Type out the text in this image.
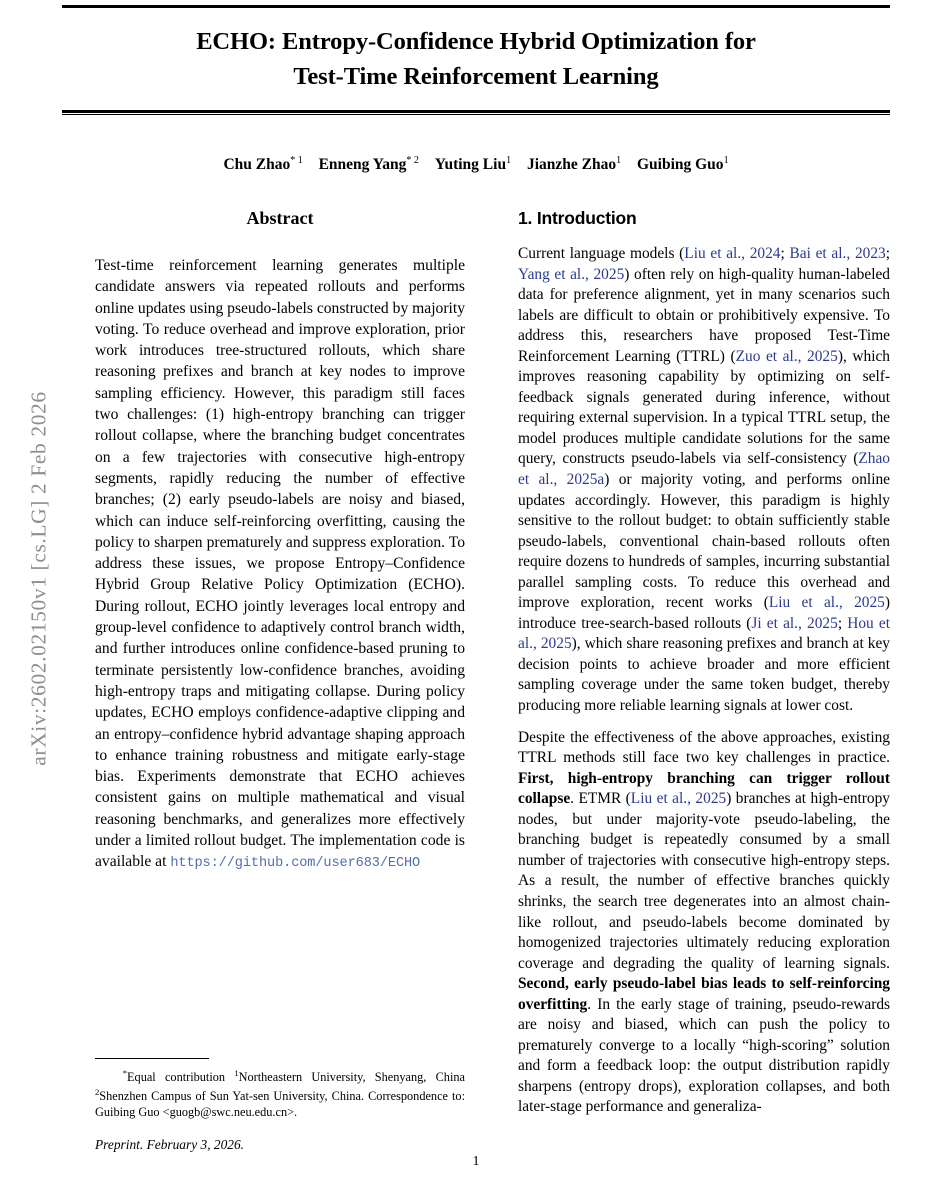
arXiv:2602.02150v1 [cs.LG] 2 Feb 2026
ECHO: Entropy-Confidence Hybrid Optimization for
Test-Time Reinforcement Learning
Chu Zhao$^{* 1}$ Enneng Yang$^{* 2}$ Yuting Liu$^1$ Jianzhe Zhao$^1$ Guibing Guo$^1$
Abstract

Test-time reinforcement learning generates multiple candidate answers via repeated rollouts and performs online updates using pseudo-labels constructed by majority voting. To reduce overhead and improve exploration, prior work introduces tree-structured rollouts, which share reasoning prefixes and branch at key nodes to improve sampling efficiency. However, this paradigm still faces two challenges: (1) high-entropy branching can trigger rollout collapse, where the branching budget concentrates on a few trajectories with consecutive high-entropy segments, rapidly reducing the number of effective branches; (2) early pseudo-labels are noisy and biased, which can induce self-reinforcing overfitting, causing the policy to sharpen prematurely and suppress exploration. To address these issues, we propose Entropy–Confidence Hybrid Group Relative Policy Optimization (ECHO). During rollout, ECHO jointly leverages local entropy and group-level confidence to adaptively control branch width, and further introduces online confidence-based pruning to terminate persistently low-confidence branches, avoiding high-entropy traps and mitigating collapse. During policy updates, ECHO employs confidence-adaptive clipping and an entropy–confidence hybrid advantage shaping approach to enhance training robustness and mitigate early-stage bias. Experiments demonstrate that ECHO achieves consistent gains on multiple mathematical and visual reasoning benchmarks, and generalizes more effectively under a limited rollout budget. The implementation code is available at https://github.com/user683/ECHO

1. Introduction

Current language models (Liu et al., 2024; Bai et al., 2023; Yang et al., 2025) often rely on high-quality human-labeled data for preference alignment, yet in many scenarios such labels are difficult to obtain or prohibitively expensive. To address this, researchers have proposed Test-Time Reinforcement Learning (TTRL) (Zuo et al., 2025), which improves reasoning capability by optimizing on self-feedback signals generated during inference, without requiring external supervision. In a typical TTRL setup, the model produces multiple candidate solutions for the same query, constructs pseudo-labels via self-consistency (Zhao et al., 2025a) or majority voting, and performs online updates accordingly. However, this paradigm is highly sensitive to the rollout budget: to obtain sufficiently stable pseudo-labels, conventional chain-based rollouts often require dozens to hundreds of samples, incurring substantial parallel sampling costs. To reduce this overhead and improve exploration, recent works (Liu et al., 2025) introduce tree-search-based rollouts (Ji et al., 2025; Hou et al., 2025), which share reasoning prefixes and branch at key decision points to achieve broader and more efficient sampling coverage under the same token budget, thereby producing more reliable learning signals at lower cost.

Despite the effectiveness of the above approaches, existing TTRL methods still face two key challenges in practice. First, high-entropy branching can trigger rollout collapse. ETMR (Liu et al., 2025) branches at high-entropy nodes, but under majority-vote pseudo-labeling, the branching budget is repeatedly consumed by a small number of trajectories with consecutive high-entropy steps. As a result, the number of effective branches quickly shrinks, the search tree degenerates into an almost chain-like rollout, and pseudo-labels become dominated by homogenized trajectories ultimately reducing exploration coverage and degrading the quality of learning signals. Second, early pseudo-label bias leads to self-reinforcing overfitting. In the early stage of training, pseudo-rewards are noisy and biased, which can push the policy to prematurely converge to a locally “high-scoring” solution and form a feedback loop: the output distribution rapidly sharpens (entropy drops), exploration collapses, and both later-stage performance and generaliza-

*Equal contribution $^1$Northeastern University, Shenyang, China $^2$Shenzhen Campus of Sun Yat-sen University, China. Correspondence to: Guibing Guo <guogb@swc.neu.edu.cn>.

Preprint. February 3, 2026.
1
